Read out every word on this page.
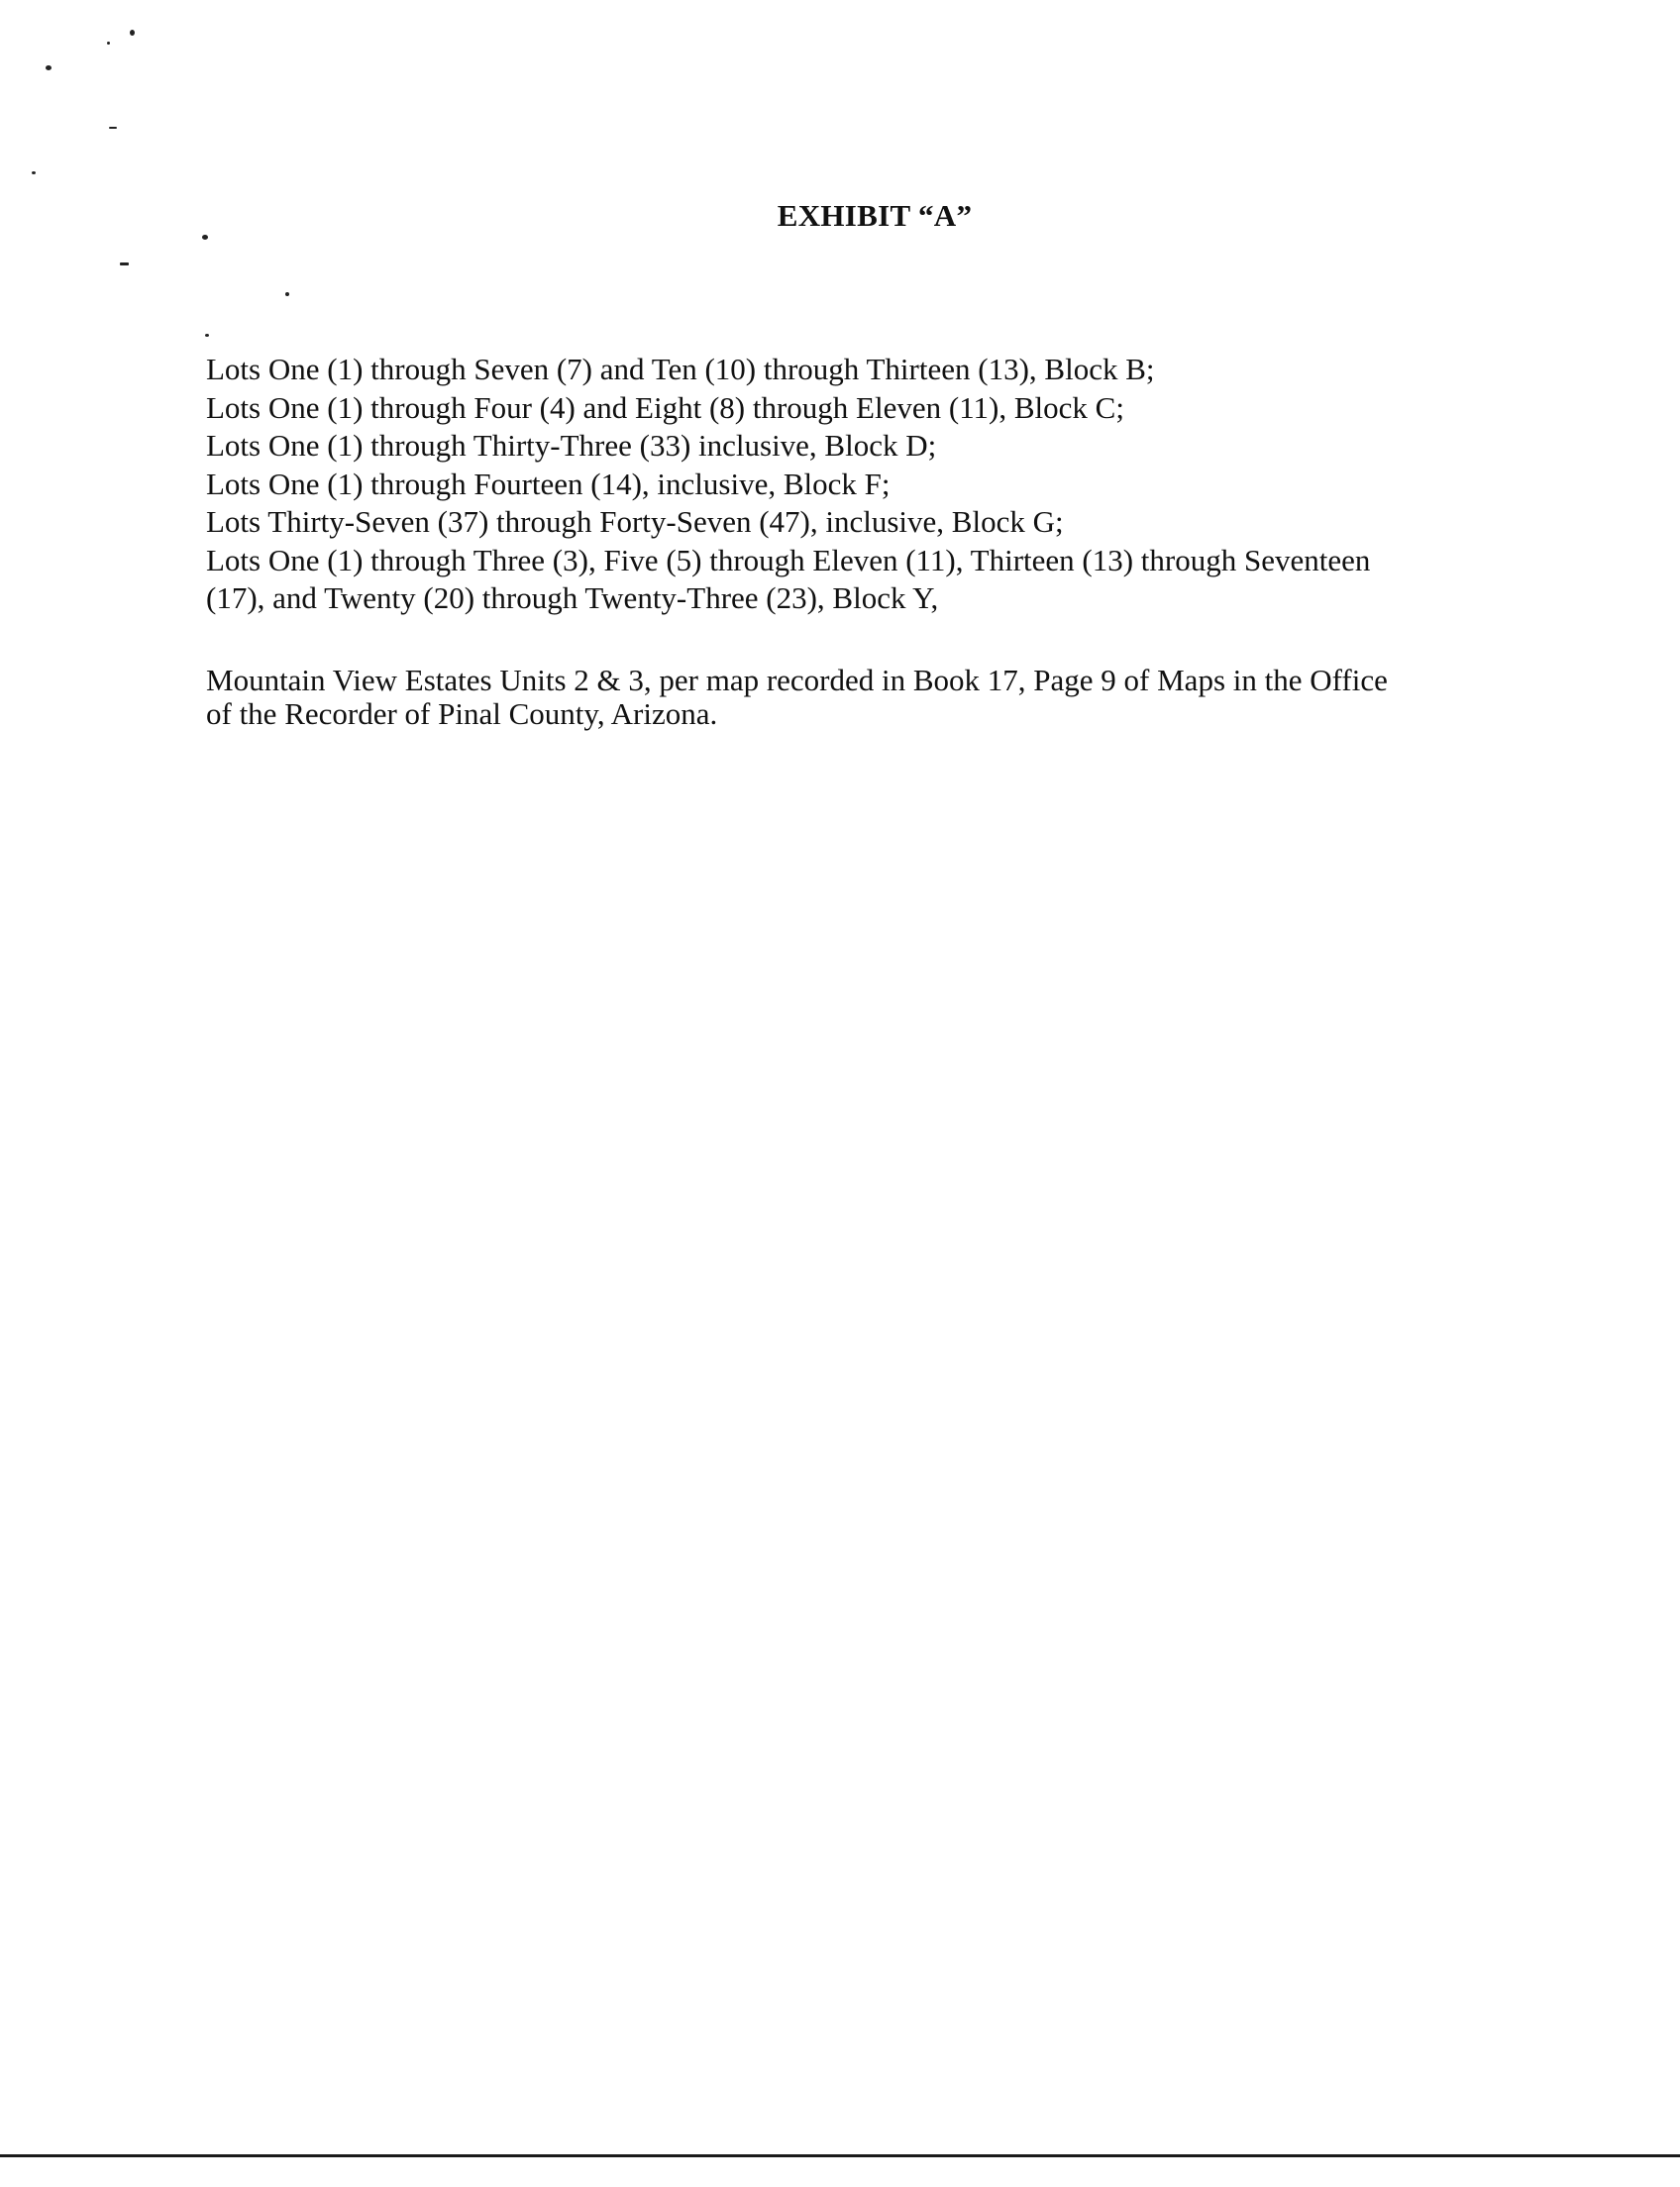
EXHIBIT “A”
Lots One (1) through Seven (7) and Ten (10) through Thirteen (13), Block B;
Lots One (1) through Four (4) and Eight (8) through Eleven (11), Block C;
Lots One (1) through Thirty-Three (33) inclusive, Block D;
Lots One (1) through Fourteen (14), inclusive, Block F;
Lots Thirty-Seven (37) through Forty-Seven (47), inclusive, Block G;
Lots One (1) through Three (3), Five (5) through Eleven (11), Thirteen (13) through Seventeen
(17), and Twenty (20) through Twenty-Three (23), Block Y,
Mountain View Estates Units 2 & 3, per map recorded in Book 17, Page 9 of Maps in the Office
of the Recorder of Pinal County, Arizona.
